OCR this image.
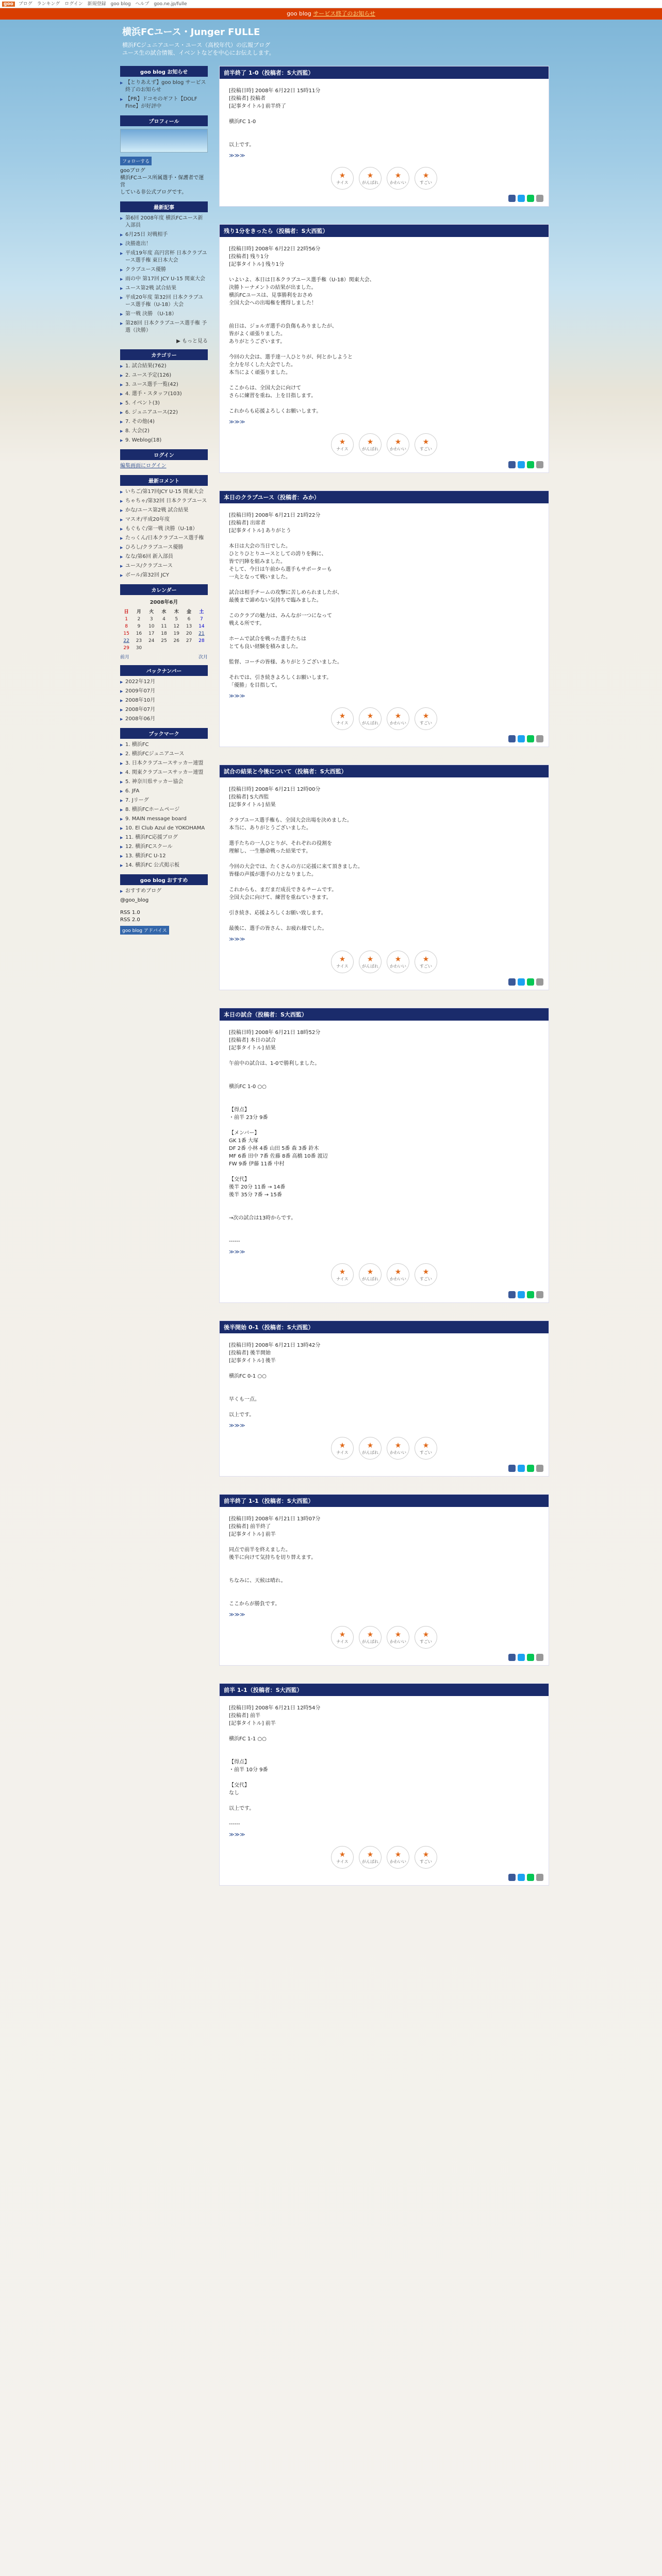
goo ブログ ランキング ログイン 新規登録 goo blog ヘルプ goo.ne.jp/fulle
goo blog サービス終了のお知らせ
横浜FCユース・Junger FULLE

横浜FCジュニアユース・ユース（高校年代）の広報ブログ

ユース生の試合情報、イベントなどを中心にお伝えします。

goo blog お知らせ
▶ 【とりあえず】goo blog サービス終了のお知らせ
▶ 【PR】ドコモのギフト【DOLF Fine】が好評中
プロフィール
フォローする
gooブログ
横浜FCユース所属選手・保護者で運営
している非公式ブログです。
最新記事
▶ 第6回 2008年度 横浜FCユース新入部員
▶ 6月25日 対戦相手
▶ 決勝進出！
▶ 平成19年度 高円宮杯 日本クラブユース選手権 東日本大会
▶ クラブユース優勝
▶ 雨の中 第17回 JCY U-15 関東大会
▶ ユース第2戦 試合結果
▶ 平成20年度 第32回 日本クラブユース選手権（U-18）大会
▶ 第一戦 決勝 （U-18）
▶ 第28回 日本クラブユース選手権 予選（決勝）
▶ もっと見る
カテゴリー
▶ 1. 試合結果(762)
▶ 2. ユース予定(126)
▶ 3. ユース選手一覧(42)
▶ 4. 選手・スタッフ(103)
▶ 5. イベント(3)
▶ 6. ジュニアユース(22)
▶ 7. その他(4)
▶ 8. 大会(2)
▶ 9. Weblog(18)
ログイン
編集画面にログイン
最新コメント
▶ いちご/第17回JCY U-15 関東大会
▶ ちゃちゃ/第32回 日本クラブユース
▶ かな/ユース第2戦 試合結果
▶ マスオ/平成20年度
▶ もぐもぐ/第一戦 決勝（U-18）
▶ たっくん/日本クラブユース選手権
▶ ひろし/クラブユース優勝
▶ なな/第6回 新入部員
▶ ユース/クラブユース
▶ ボール/第32回 JCY
カレンダー
2008年6月
日	月	火	水	木	金	土
1	2	3	4	5	6	7
8	9	10	11	12	13	14
15	16	17	18	19	20	21
22	23	24	25	26	27	28
29	30					
前月	次月
バックナンバー
▶ 2022年12月
▶ 2009年07月
▶ 2008年10月
▶ 2008年07月
▶ 2008年06月
ブックマーク
▶ 1. 横浜FC
▶ 2. 横浜FCジュニアユース
▶ 3. 日本クラブユースサッカー連盟
▶ 4. 関東クラブユースサッカー連盟
▶ 5. 神奈川県サッカー協会
▶ 6. JFA
▶ 7. Jリーグ
▶ 8. 横浜FCホームページ
▶ 9. MAIN message board
▶ 10. El Club Azul de YOKOHAMA
▶ 11. 横浜FC応援ブログ
▶ 12. 横浜FCスクール
▶ 13. 横浜FC U-12
▶ 14. 横浜FC 公式掲示板
goo blog おすすめ
▶ おすすめブログ
@goo_blog
RSS 1.0
RSS 2.0
goo blog アドバイス
前半終了 1-0（投稿者：S大西監）
[投稿日時] 2008年 6月22日 15時11分
[投稿者] 投稿者
[記事タイトル] 前半終了
横浜FC 1-0
以上です。
≫≫≫
★
ナイス
★
がんばれ
★
かわいい
★
すごい
残り1分をきったら（投稿者：S大西監）
[投稿日時] 2008年 6月22日 22時56分
[投稿者] 残り1分
[記事タイトル] 残り1分
いよいよ、本日は日本クラブユース選手権（U-18）関東大会、
決勝トーナメントの結果が出ました。
横浜FCユースは、見事勝利をおさめ
全国大会への出場権を獲得しました！
前日は、ジョルガ選手の負傷もありましたが、
皆がよく頑張りました。
ありがとうございます。
今回の大会は、選手達一人ひとりが、何とかしようと
全力を尽くした大会でした。
本当によく頑張りました。
ここからは、全国大会に向けて
さらに練習を重ね、上を目指します。
これからも応援よろしくお願いします。
≫≫≫
★
ナイス
★
がんばれ
★
かわいい
★
すごい
本日のクラブユース（投稿者：みか）
[投稿日時] 2008年 6月21日 21時22分
[投稿者] 出席者
[記事タイトル] ありがとう
本日は大会の当日でした。
ひとりひとりユースとしての誇りを胸に、
皆で円陣を組みました。
そして、今日は午前から選手もサポーターも
一丸となって戦いました。
試合は相手チームの攻撃に苦しめられましたが、
最後まで諦めない気持ちで臨みました。
このクラブの魅力は、みんなが一つになって
戦える所です。
ホームで試合を戦った選手たちは
とても良い経験を積みました。
監督、コーチの皆様、ありがとうございました。
それでは、引き続きよろしくお願いします。
「優勝」を目指して。
≫≫≫
★
ナイス
★
がんばれ
★
かわいい
★
すごい
試合の結果と今後について（投稿者：S大西監）
[投稿日時] 2008年 6月21日 12時00分
[投稿者] S大西監
[記事タイトル] 結果
クラブユース選手権も、全国大会出場を決めました。
本当に、ありがとうございました。
選手たちの一人ひとりが、それぞれの役割を
理解し、一生懸命戦った結果です。
今回の大会では、たくさんの方に応援に来て頂きました。
皆様の声援が選手の力となりました。
これからも、まだまだ成長できるチームです。
全国大会に向けて、練習を重ねていきます。
引き続き、応援よろしくお願い致します。
最後に、選手の皆さん、お疲れ様でした。
≫≫≫
★
ナイス
★
がんばれ
★
かわいい
★
すごい
本日の試合（投稿者：S大西監）
[投稿日時] 2008年 6月21日 18時52分
[投稿者] 本日の試合
[記事タイトル] 結果
午前中の試合は、1-0で勝利しました。
横浜FC 1-0 ○○
【得点】
・前半 23分 9番
【メンバー】
GK 1番 大塚
DF 2番 小林 4番 山田 5番 森 3番 鈴木
MF 6番 田中 7番 佐藤 8番 高橋 10番 渡辺
FW 9番 伊藤 11番 中村
【交代】
後半 20分 11番 → 14番
後半 35分 7番 → 15番
→次の試合は13時からです。
------
≫≫≫
★
ナイス
★
がんばれ
★
かわいい
★
すごい
後半開始 0-1（投稿者：S大西監）
[投稿日時] 2008年 6月21日 13時42分
[投稿者] 後半開始
[記事タイトル] 後半
横浜FC 0-1 ○○
早くも一点。
以上です。
≫≫≫
★
ナイス
★
がんばれ
★
かわいい
★
すごい
前半終了 1-1（投稿者：S大西監）
[投稿日時] 2008年 6月21日 13時07分
[投稿者] 前半終了
[記事タイトル] 前半
同点で前半を終えました。
後半に向けて気持ちを切り替えます。
ちなみに、天候は晴れ。
ここからが勝負です。
≫≫≫
★
ナイス
★
がんばれ
★
かわいい
★
すごい
前半 1-1（投稿者：S大西監）
[投稿日時] 2008年 6月21日 12時54分
[投稿者] 前半
[記事タイトル] 前半
横浜FC 1-1 ○○
【得点】
・前半 10分 9番
【交代】
なし
以上です。
------
≫≫≫
★
ナイス
★
がんばれ
★
かわいい
★
すごい
